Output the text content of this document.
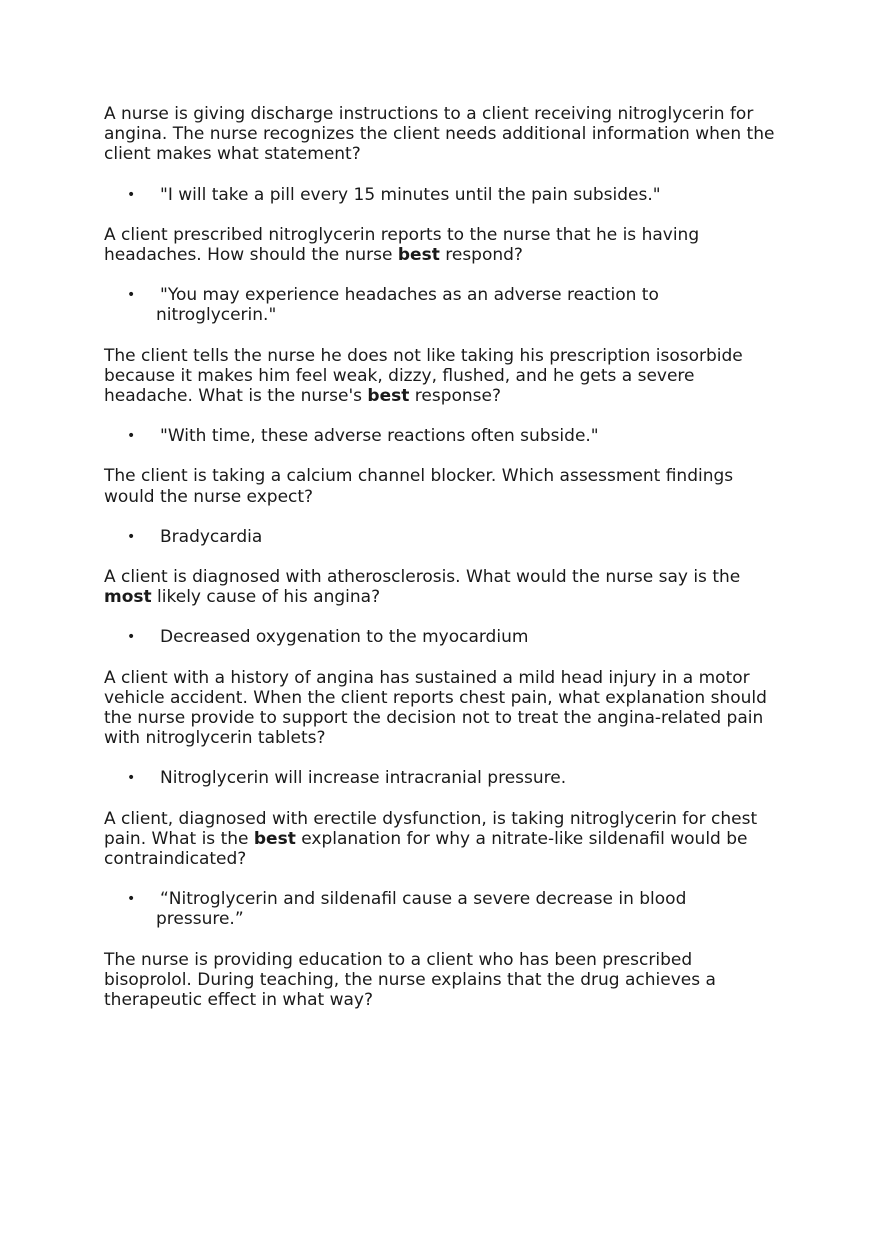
A nurse is giving discharge instructions to a client receiving nitroglycerin for angina. The nurse recognizes the client needs additional information when the client makes what statement?

• "I will take a pill every 15 minutes until the pain subsides."

A client prescribed nitroglycerin reports to the nurse that he is having headaches. How should the nurse best respond?

• "You may experience headaches as an adverse reaction to nitroglycerin."

The client tells the nurse he does not like taking his prescription isosorbide because it makes him feel weak, dizzy, flushed, and he gets a severe headache. What is the nurse's best response?

• "With time, these adverse reactions often subside."

The client is taking a calcium channel blocker. Which assessment findings would the nurse expect?

• Bradycardia

A client is diagnosed with atherosclerosis. What would the nurse say is the most likely cause of his angina?

• Decreased oxygenation to the myocardium

A client with a history of angina has sustained a mild head injury in a motor vehicle accident. When the client reports chest pain, what explanation should the nurse provide to support the decision not to treat the angina-related pain with nitroglycerin tablets?

• Nitroglycerin will increase intracranial pressure.

A client, diagnosed with erectile dysfunction, is taking nitroglycerin for chest pain. What is the best explanation for why a nitrate-like sildenafil would be contraindicated?

• “Nitroglycerin and sildenafil cause a severe decrease in blood pressure.”

The nurse is providing education to a client who has been prescribed bisoprolol. During teaching, the nurse explains that the drug achieves a therapeutic effect in what way?
